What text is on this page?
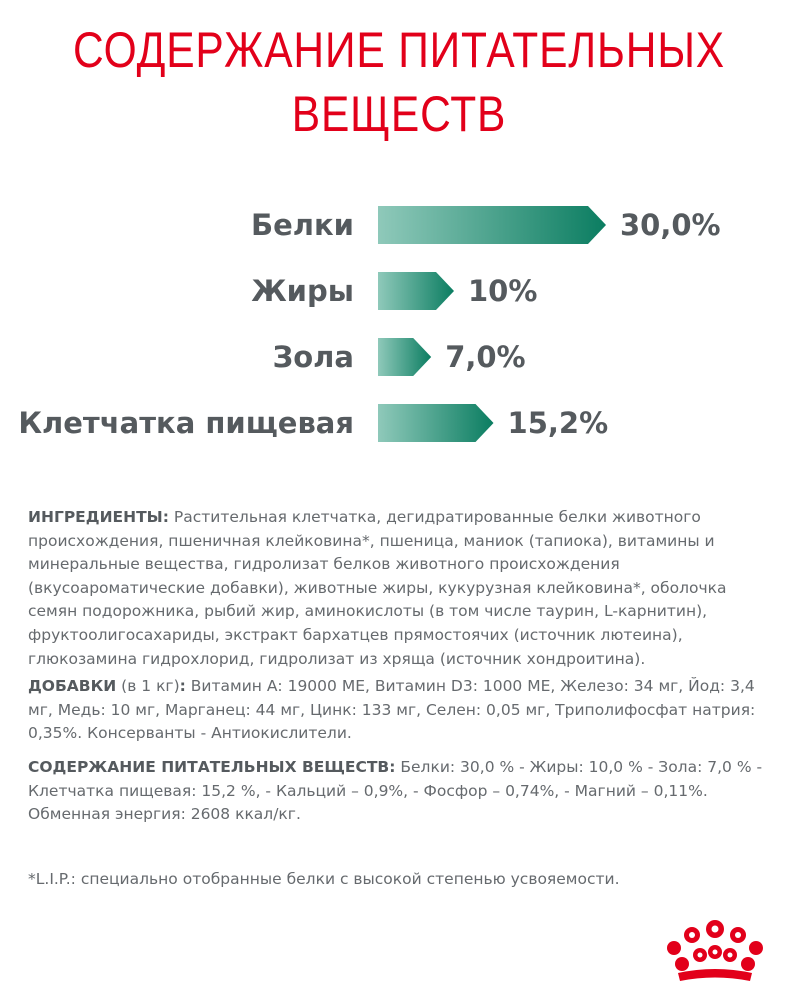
СОДЕРЖАНИЕ ПИТАТЕЛЬНЫХ
ВЕЩЕСТВ
Белки	30,0%
Жиры	10%
Зола	7,0%
Клетчатка пищевая	15,2%
ИНГРЕДИЕНТЫ: Растительная клетчатка, дегидратированные белки животного происхождения, пшеничная клейковина*, пшеница, маниок (тапиока), витамины и минеральные вещества, гидролизат белков животного происхождения (вкусоароматические добавки), животные жиры, кукурузная клейковина*, оболочка семян подорожника, рыбий жир, аминокислоты (в том числе таурин, L-карнитин), фруктоолигосахариды, экстракт бархатцев прямостоячих (источник лютеина), глюкозамина гидрохлорид, гидролизат из хряща (источник хондроитина).
ДОБАВКИ (в 1 кг): Витамин А: 19000 МЕ, Витамин D3: 1000 МЕ, Железо: 34 мг, Йод: 3,4 мг, Медь: 10 мг, Марганец: 44 мг, Цинк: 133 мг, Селен: 0,05 мг, Триполифосфат натрия: 0,35%. Консерванты - Антиокислители.
СОДЕРЖАНИЕ ПИТАТЕЛЬНЫХ ВЕЩЕСТВ: Белки: 30,0 % - Жиры: 10,0 % - Зола: 7,0 % - Клетчатка пищевая: 15,2 %, - Кальций – 0,9%, - Фосфор – 0,74%, - Магний – 0,11%. Обменная энергия: 2608 ккал/кг.
*L.I.P.: специально отобранные белки с высокой степенью усвояемости.
